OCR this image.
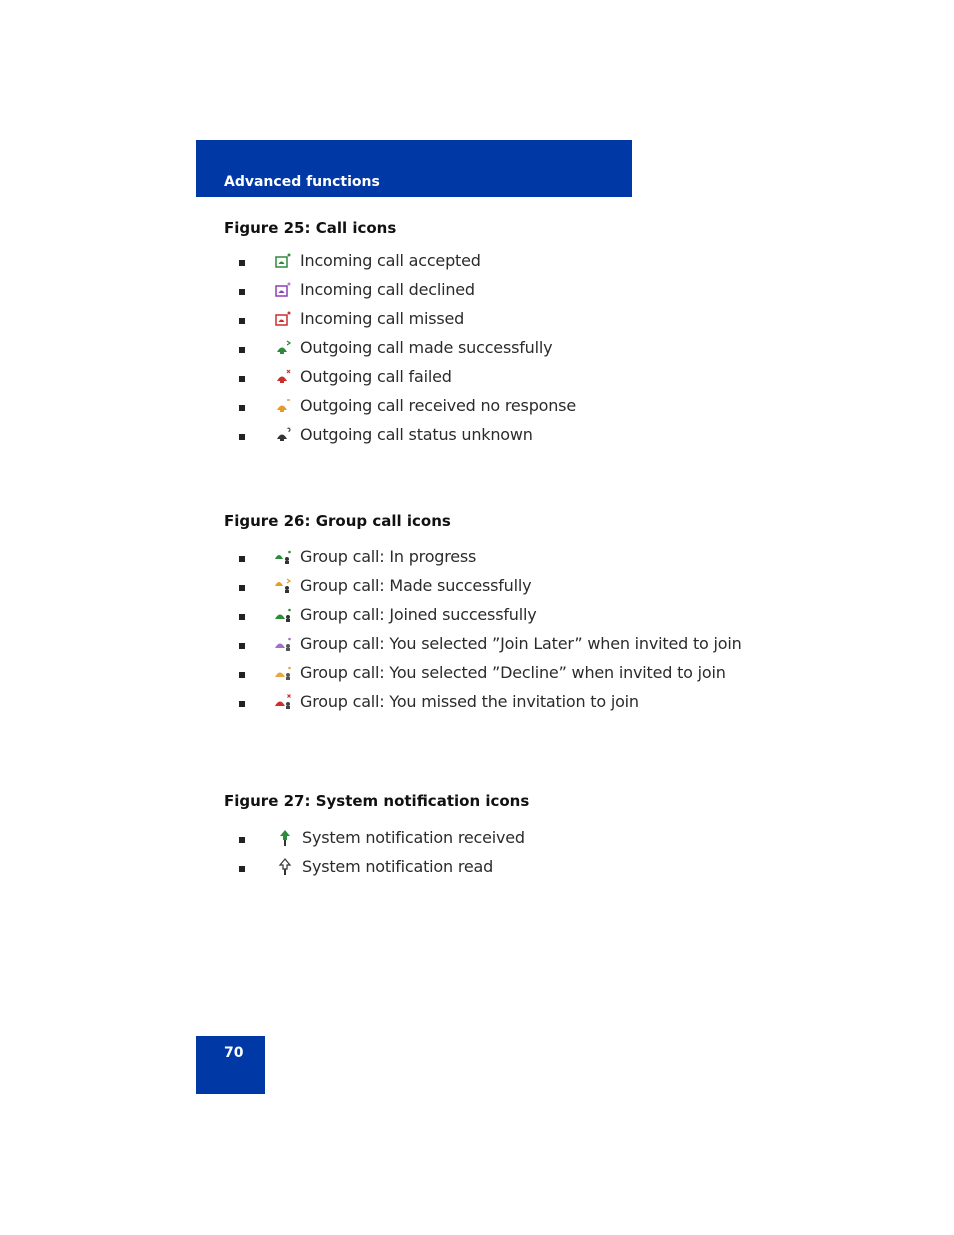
Advanced functions
Figure 25: Call icons
Incoming call accepted
Incoming call declined
Incoming call missed
Outgoing call made successfully
Outgoing call failed
Outgoing call received no response
Outgoing call status unknown
Figure 26: Group call icons
Group call: In progress
Group call: Made successfully
Group call: Joined successfully
Group call: You selected ”Join Later” when invited to join
Group call: You selected ”Decline” when invited to join
Group call: You missed the invitation to join
Figure 27: System notification icons
System notification received
System notification read
70
